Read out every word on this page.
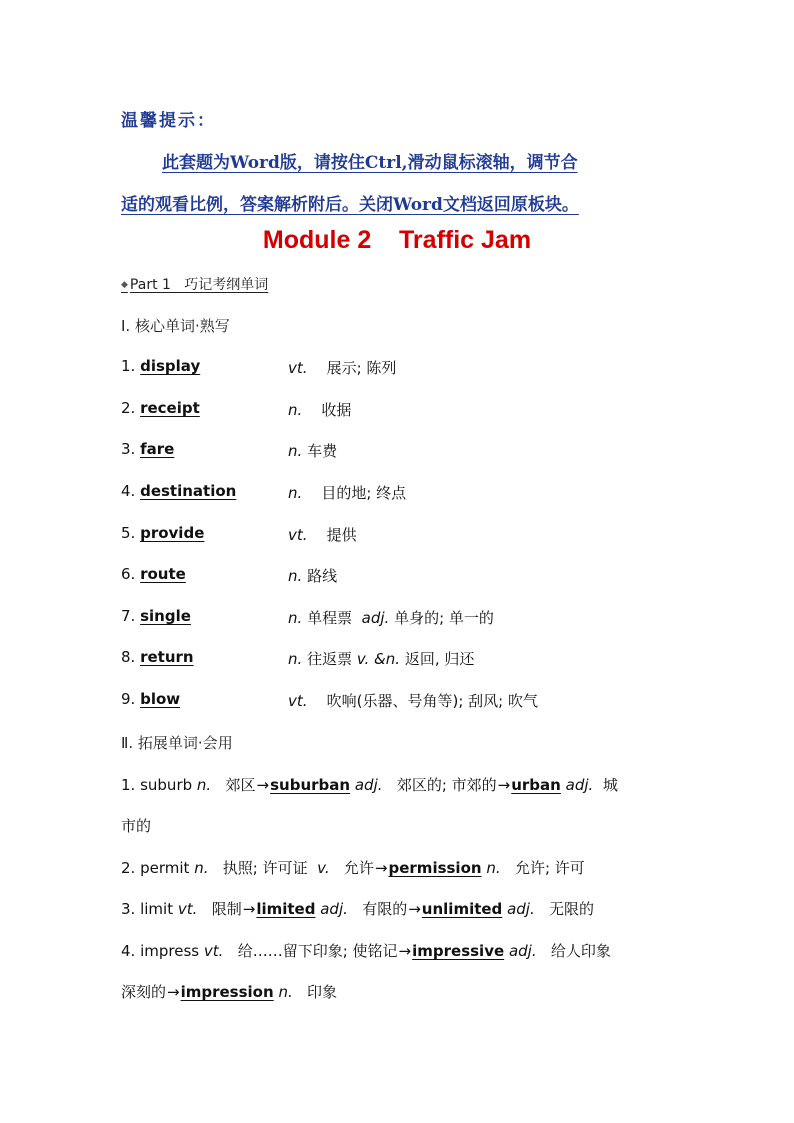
温馨提示：
此套题为Word版，请按住Ctrl,滑动鼠标滚轴，调节合
适的观看比例，答案解析附后。关闭Word文档返回原板块。
Module 2    Traffic Jam
◆ Part 1   巧记考纲单词
Ⅰ. 核心单词·熟写
1. display	vt. 展示; 陈列
2. receipt	n. 收据
3. fare	n. 车费
4. destination	n. 目的地; 终点
5. provide	vt. 提供
6. route	n. 路线
7. single	n. 单程票 adj. 单身的; 单一的
8. return	n. 往返票 v. &n. 返回, 归还
9. blow	vt. 吹响(乐器、号角等); 刮风; 吹气
Ⅱ. 拓展单词·会用
1. suburb n. 郊区→suburban adj. 郊区的; 市郊的→urban adj. 城
市的
2. permit n. 执照; 许可证 v. 允许→permission n. 允许; 许可
3. limit vt. 限制→limited adj. 有限的→unlimited adj. 无限的
4. impress vt. 给……留下印象; 使铭记→impressive adj. 给人印象
深刻的→impression n. 印象
